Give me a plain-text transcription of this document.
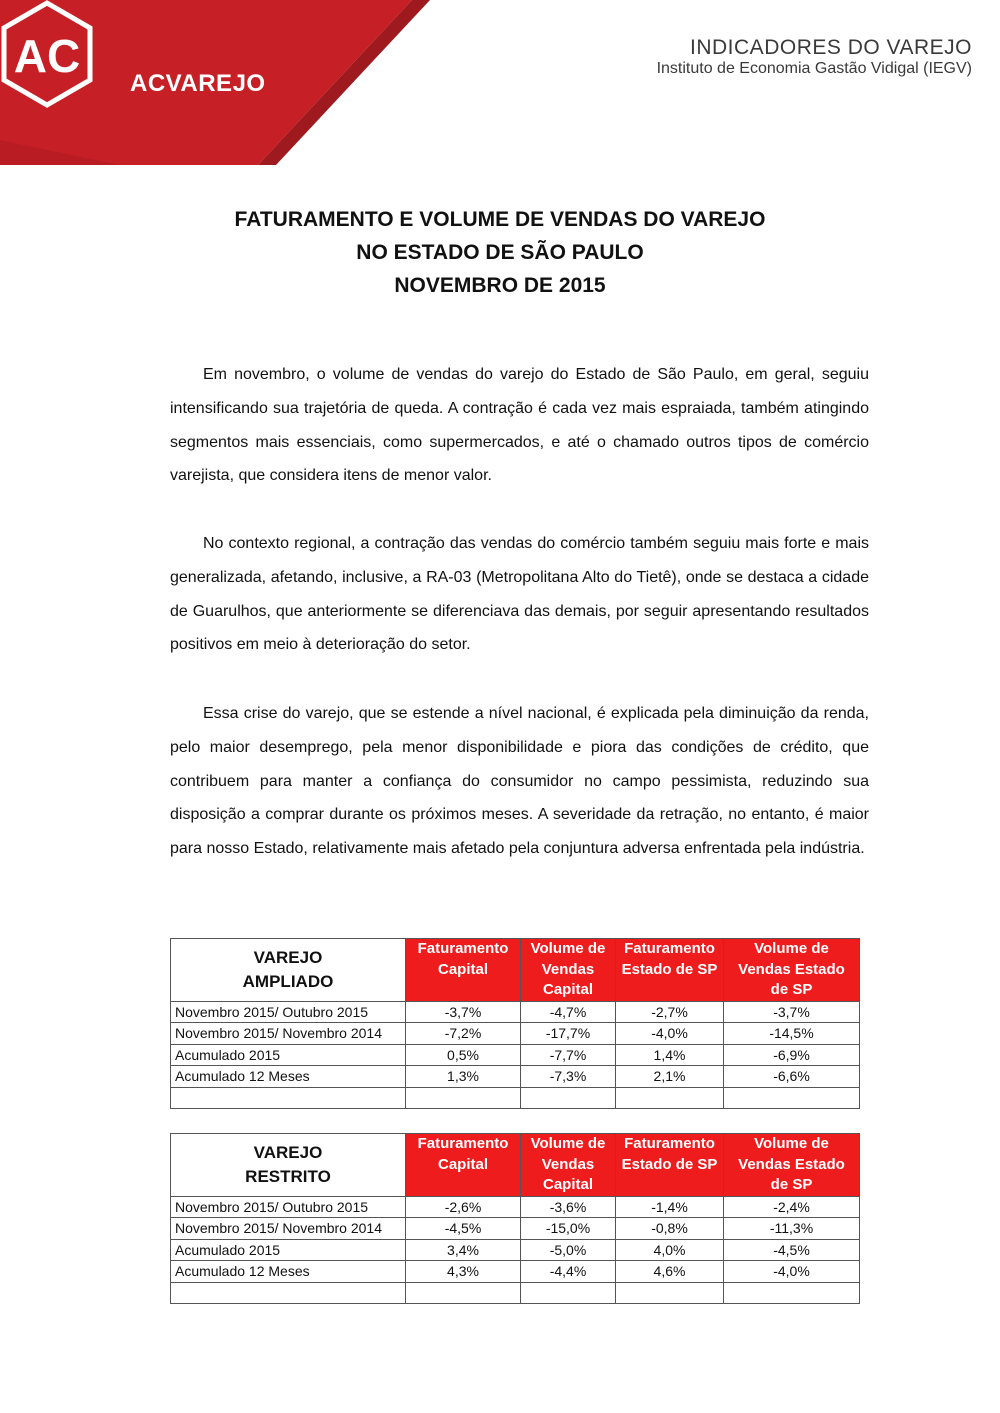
AC
ACVAREJO
INDICADORES DO VAREJO
Instituto de Economia Gastão Vidigal (IEGV)
FATURAMENTO E VOLUME DE VENDAS DO VAREJO
NO ESTADO DE SÃO PAULO
NOVEMBRO DE 2015

Em novembro, o volume de vendas do varejo do Estado de São Paulo, em geral, seguiu intensificando sua trajetória de queda. A contração é cada vez mais espraiada, também atingindo segmentos mais essenciais, como supermercados, e até o chamado outros tipos de comércio varejista, que considera itens de menor valor.

No contexto regional, a contração das vendas do comércio também seguiu mais forte e mais generalizada, afetando, inclusive, a RA-03 (Metropolitana Alto do Tietê), onde se destaca a cidade de Guarulhos, que anteriormente se diferenciava das demais, por seguir apresentando resultados positivos em meio à deterioração do setor.

Essa crise do varejo, que se estende a nível nacional, é explicada pela diminuição da renda, pelo maior desemprego, pela menor disponibilidade e piora das condições de crédito, que contribuem para manter a confiança do consumidor no campo pessimista, reduzindo sua disposição a comprar durante os próximos meses. A severidade da retração, no entanto, é maior para nosso Estado, relativamente mais afetado pela conjuntura adversa enfrentada pela indústria.

VAREJO
AMPLIADO	Faturamento Capital	Volume de Vendas Capital	Faturamento Estado de SP	Volume de Vendas Estado de SP
Novembro 2015/ Outubro 2015	-3,7%	-4,7%	-2,7%	-3,7%
Novembro 2015/ Novembro 2014	-7,2%	-17,7%	-4,0%	-14,5%
Acumulado 2015	0,5%	-7,7%	1,4%	-6,9%
Acumulado 12 Meses	1,3%	-7,3%	2,1%	-6,6%

VAREJO
RESTRITO	Faturamento Capital	Volume de Vendas Capital	Faturamento Estado de SP	Volume de Vendas Estado de SP
Novembro 2015/ Outubro 2015	-2,6%	-3,6%	-1,4%	-2,4%
Novembro 2015/ Novembro 2014	-4,5%	-15,0%	-0,8%	-11,3%
Acumulado 2015	3,4%	-5,0%	4,0%	-4,5%
Acumulado 12 Meses	4,3%	-4,4%	4,6%	-4,0%
